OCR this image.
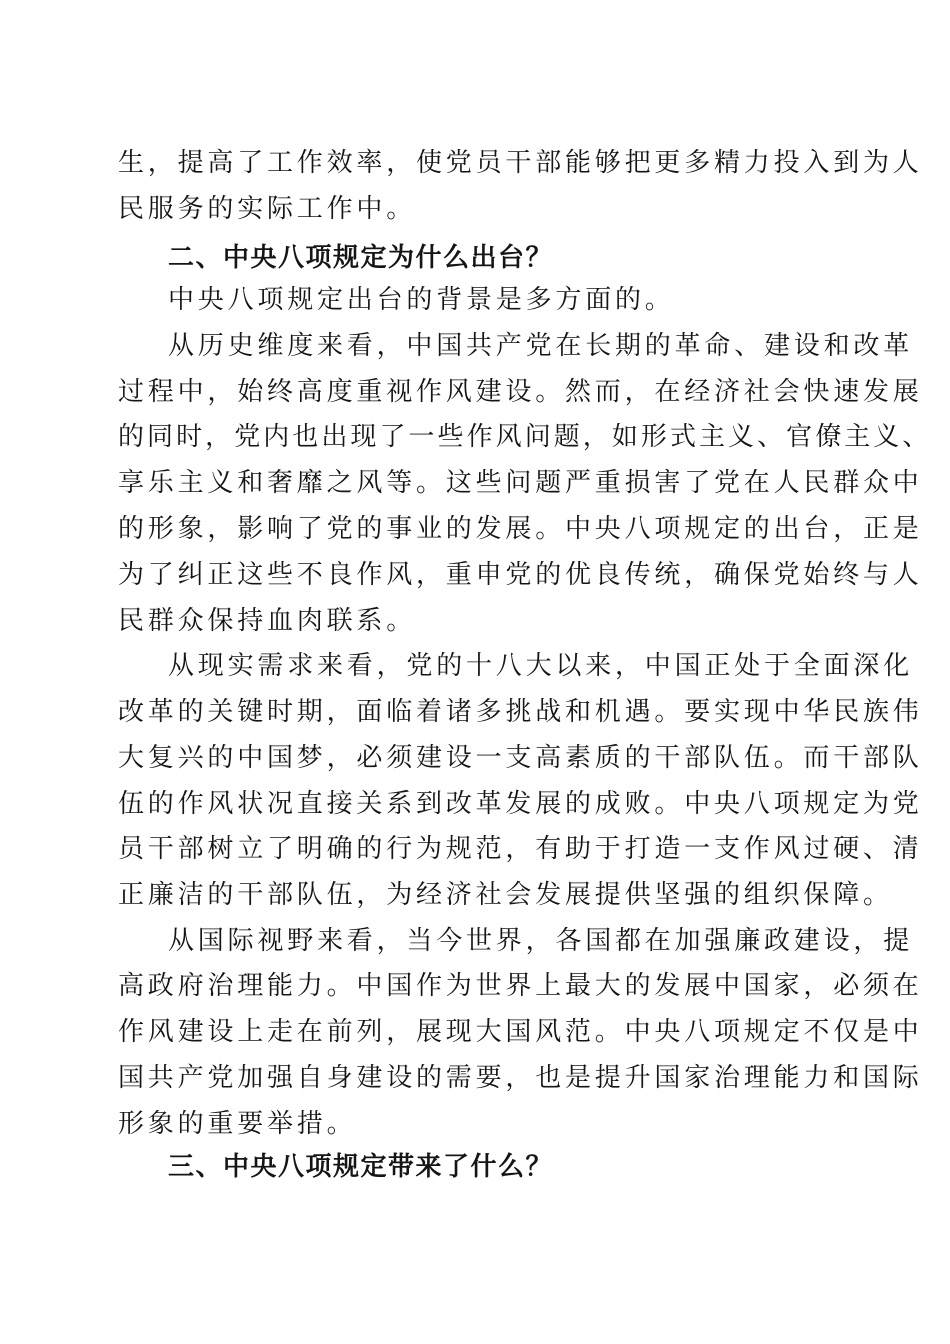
生，提高了工作效率，使党员干部能够把更多精力投入到为人
民服务的实际工作中。
二、中央八项规定为什么出台？
中央八项规定出台的背景是多方面的。
从历史维度来看，中国共产党在长期的革命、建设和改革
过程中，始终高度重视作风建设。然而，在经济社会快速发展
的同时，党内也出现了一些作风问题，如形式主义、官僚主义、
享乐主义和奢靡之风等。这些问题严重损害了党在人民群众中
的形象，影响了党的事业的发展。中央八项规定的出台，正是
为了纠正这些不良作风，重申党的优良传统，确保党始终与人
民群众保持血肉联系。
从现实需求来看，党的十八大以来，中国正处于全面深化
改革的关键时期，面临着诸多挑战和机遇。要实现中华民族伟
大复兴的中国梦，必须建设一支高素质的干部队伍。而干部队
伍的作风状况直接关系到改革发展的成败。中央八项规定为党
员干部树立了明确的行为规范，有助于打造一支作风过硬、清
正廉洁的干部队伍，为经济社会发展提供坚强的组织保障。
从国际视野来看，当今世界，各国都在加强廉政建设，提
高政府治理能力。中国作为世界上最大的发展中国家，必须在
作风建设上走在前列，展现大国风范。中央八项规定不仅是中
国共产党加强自身建设的需要，也是提升国家治理能力和国际
形象的重要举措。
三、中央八项规定带来了什么？
